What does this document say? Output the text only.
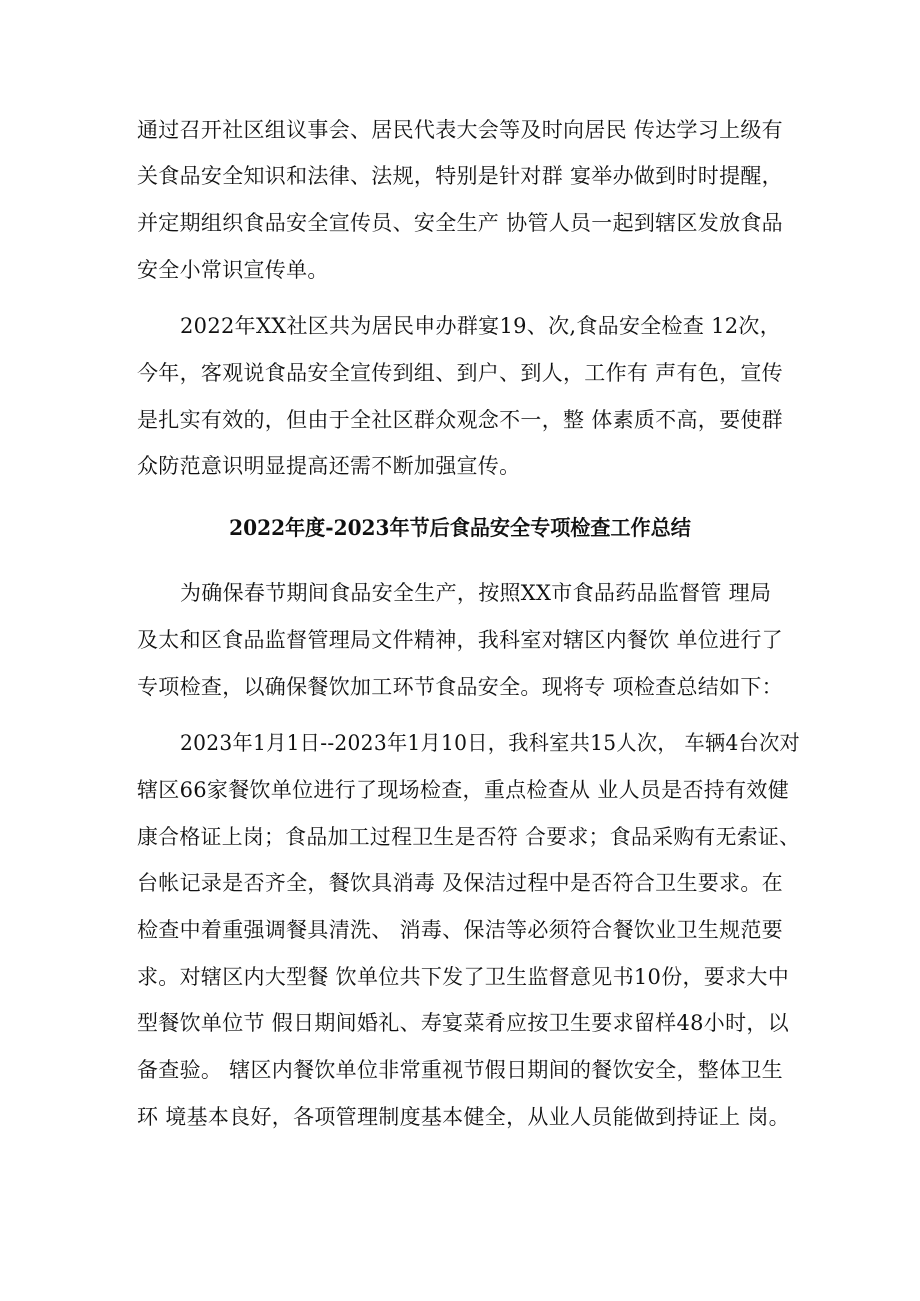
通过召开社区组议事会、居民代表大会等及时向居民 传达学习上级有
关食品安全知识和法律、法规，特别是针对群 宴举办做到时时提醒，
并定期组织食品安全宣传员、安全生产 协管人员一起到辖区发放食品
安全小常识宣传单。
2022年XX社区共为居民申办群宴19、次,食品安全检查 12次，
今年，客观说食品安全宣传到组、到户、到人，工作有 声有色，宣传
是扎实有效的，但由于全社区群众观念不一，整 体素质不高，要使群
众防范意识明显提高还需不断加强宣传。
2022年度-2023年节后食品安全专项检查工作总结
为确保春节期间食品安全生产，按照XX市食品药品监督管 理局
及太和区食品监督管理局文件精神，我科室对辖区内餐饮 单位进行了
专项检查，以确保餐饮加工环节食品安全。现将专 项检查总结如下：
2023年1月1日--2023年1月10日，我科室共15人次， 车辆4台次对
辖区66家餐饮单位进行了现场检查，重点检查从 业人员是否持有效健
康合格证上岗；食品加工过程卫生是否符 合要求；食品采购有无索证、
台帐记录是否齐全，餐饮具消毒 及保洁过程中是否符合卫生要求。在
检查中着重强调餐具清洗、 消毒、保洁等必须符合餐饮业卫生规范要
求。对辖区内大型餐 饮单位共下发了卫生监督意见书10份，要求大中
型餐饮单位节 假日期间婚礼、寿宴菜肴应按卫生要求留样48小时，以
备查验。 辖区内餐饮单位非常重视节假日期间的餐饮安全，整体卫生
环 境基本良好，各项管理制度基本健全，从业人员能做到持证上 岗。
